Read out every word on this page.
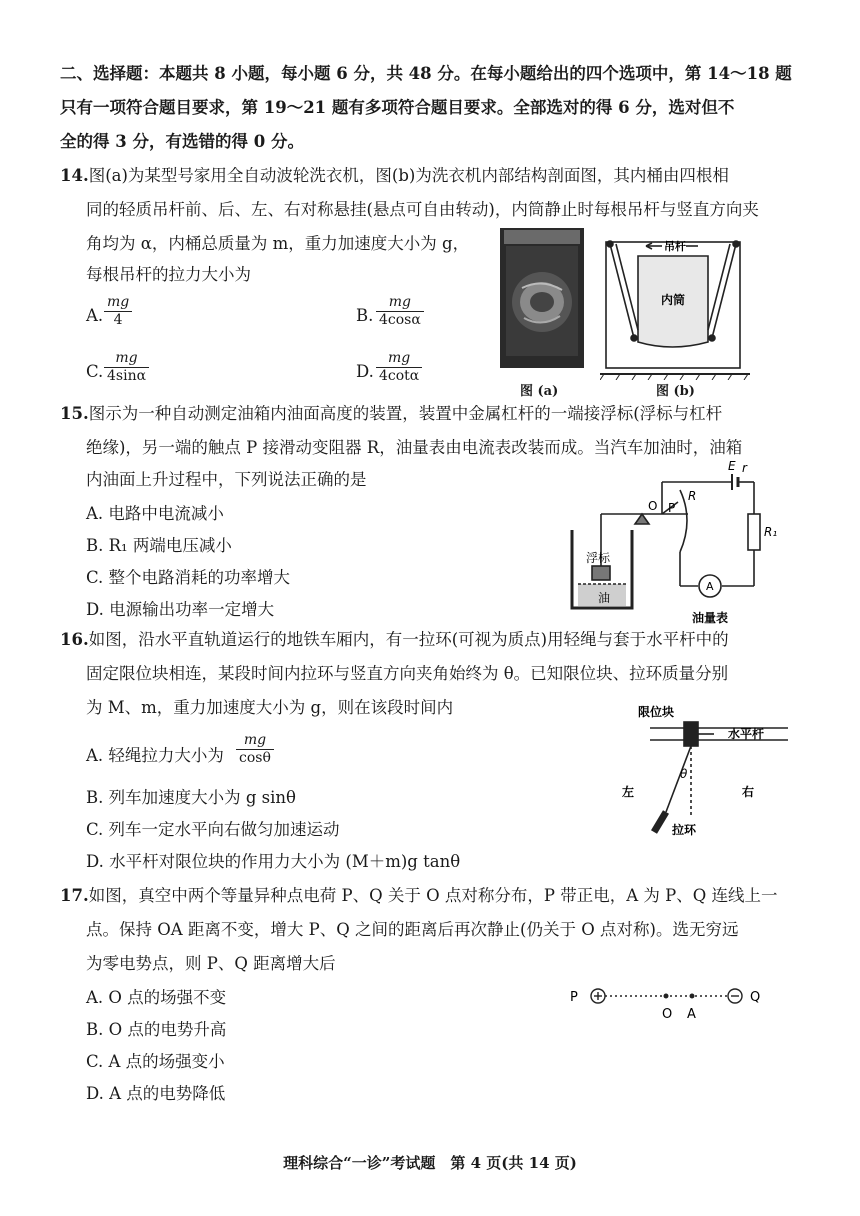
二、选择题：本题共 8 小题，每小题 6 分，共 48 分。在每小题给出的四个选项中，第 14～18 题
只有一项符合题目要求，第 19～21 题有多项符合题目要求。全部选对的得 6 分，选对但不
全的得 3 分，有选错的得 0 分。
14.图(a)为某型号家用全自动波轮洗衣机，图(b)为洗衣机内部结构剖面图，其内桶由四根相
同的轻质吊杆前、后、左、右对称悬挂(悬点可自由转动)，内筒静止时每根吊杆与竖直方向夹
角均为 α，内桶总质量为 m，重力加速度大小为 g，
每根吊杆的拉力大小为
A. $\frac{mg}{4}$	B. $\frac{mg}{4\cos\alpha}$
C. $\frac{mg}{4\sin\alpha}$	D. $\frac{mg}{4\cot\alpha}$
图 (a)
吊杆
内筒
图 (b)
15.图示为一种自动测定油箱内油面高度的装置，装置中金属杠杆的一端接浮标(浮标与杠杆
绝缘)，另一端的触点 P 接滑动变阻器 R，油量表由电流表改装而成。当汽车加油时，油箱
内油面上升过程中，下列说法正确的是
A. 电路中电流减小
B. R₁ 两端电压减小
C. 整个电路消耗的功率增大
D. 电源输出功率一定增大
E r
O P
R
R₁
浮标
油
A
油量表
16.如图，沿水平直轨道运行的地铁车厢内，有一拉环(可视为质点)用轻绳与套于水平杆中的
固定限位块相连，某段时间内拉环与竖直方向夹角始终为 θ。已知限位块、拉环质量分别
为 M、m，重力加速度大小为 g，则在该段时间内
A. 轻绳拉力大小为 $\frac{mg}{\cos\theta}$
B. 列车加速度大小为 g sinθ
C. 列车一定水平向右做匀加速运动
D. 水平杆对限位块的作用力大小为 (M＋m)g tanθ
限位块
水平杆
左	右
θ
拉环
17.如图，真空中两个等量异种点电荷 P、Q 关于 O 点对称分布，P 带正电，A 为 P、Q 连线上一
点。保持 OA 距离不变，增大 P、Q 之间的距离后再次静止(仍关于 O 点对称)。选无穷远
为零电势点，则 P、Q 距离增大后
A. O 点的场强不变
B. O 点的电势升高
C. A 点的场强变小
D. A 点的电势降低
P	Q
O A
理科综合“一诊”考试题　第 4 页(共 14 页)
